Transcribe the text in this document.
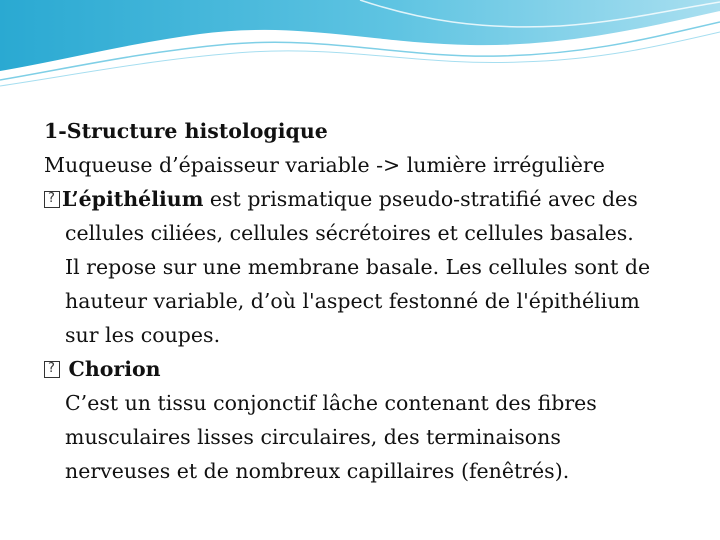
1-Structure histologique
Muqueuse d’épaisseur variable -> lumière irrégulière
?L’épithélium est prismatique pseudo-stratifié avec des
cellules ciliées, cellules sécrétoires et cellules basales.
Il repose sur une membrane basale. Les cellules sont de
hauteur variable, d’où l'aspect festonné de l'épithélium
sur les coupes.
? Chorion
C’est un tissu conjonctif lâche contenant des fibres
musculaires lisses circulaires, des terminaisons
nerveuses et de nombreux capillaires (fenêtrés).
